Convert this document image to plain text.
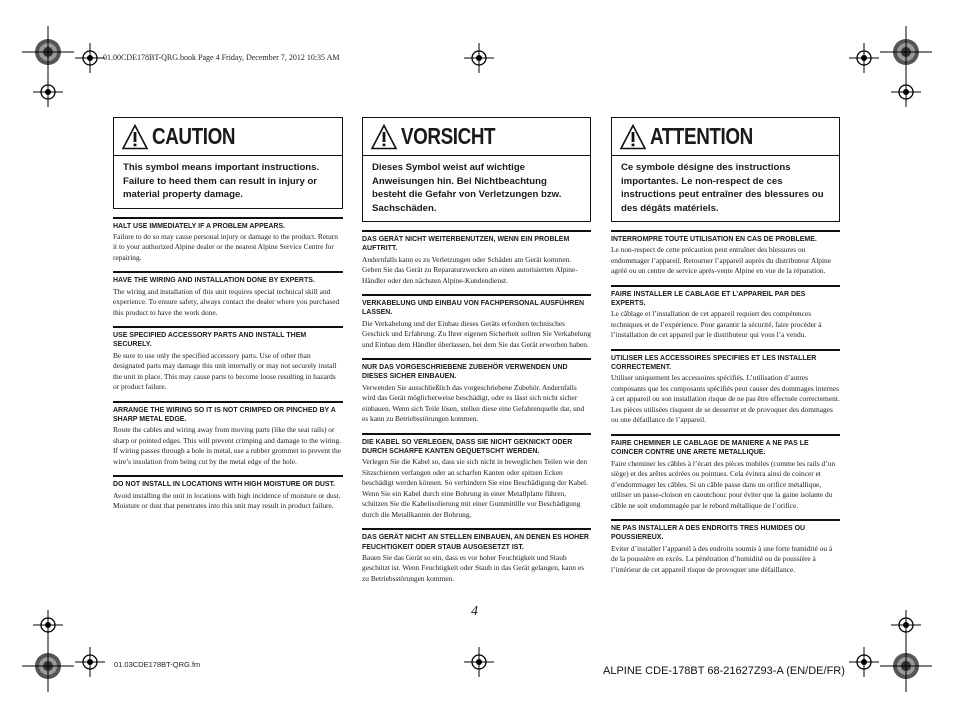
01.00CDE178BT-QRG.book Page 4 Friday, December 7, 2012 10:35 AM
CAUTION
This symbol means important instructions. Failure to heed them can result in injury or material property damage.
HALT USE IMMEDIATELY IF A PROBLEM APPEARS.

Failure to do so may cause personal injury or damage to the product. Return it to your authorized Alpine dealer or the nearest Alpine Service Centre for repairing.

HAVE THE WIRING AND INSTALLATION DONE BY EXPERTS.

The wiring and installation of this unit requires special technical skill and experience. To ensure safety, always contact the dealer where you purchased this product to have the work done.

USE SPECIFIED ACCESSORY PARTS AND INSTALL THEM SECURELY.

Be sure to use only the specified accessory parts. Use of other than designated parts may damage this unit internally or may not securely install the unit in place. This may cause parts to become loose resulting in hazards or product failure.

ARRANGE THE WIRING SO IT IS NOT CRIMPED OR PINCHED BY A SHARP METAL EDGE.

Route the cables and wiring away from moving parts (like the seat rails) or sharp or pointed edges. This will prevent crimping and damage to the wiring. If wiring passes through a hole in metal, use a rubber grommet to prevent the wire’s insulation from being cut by the metal edge of the hole.

DO NOT INSTALL IN LOCATIONS WITH HIGH MOISTURE OR DUST.

Avoid installing the unit in locations with high incidence of moisture or dust. Moisture or dust that penetrates into this unit may result in product failure.

VORSICHT
Dieses Symbol weist auf wichtige Anweisungen hin. Bei Nichtbeachtung besteht die Gefahr von Verletzungen bzw. Sachschäden.
DAS GERÄT NICHT WEITERBENUTZEN, WENN EIN PROBLEM AUFTRITT.

Andernfalls kann es zu Verletzungen oder Schäden am Gerät kommen. Geben Sie das Gerät zu Reparaturzwecken an einen autorisierten Alpine-Händler oder den nächsten Alpine-Kundendienst.

VERKABELUNG UND EINBAU VON FACHPERSONAL AUSFÜHREN LASSEN.

Die Verkabelung und der Einbau dieses Geräts erfordern technisches Geschick und Erfahrung. Zu Ihrer eigenen Sicherheit sollten Sie Verkabelung und Einbau dem Händler überlassen, bei dem Sie das Gerät erworben haben.

NUR DAS VORGESCHRIEBENE ZUBEHÖR VERWENDEN UND DIESES SICHER EINBAUEN.

Verwenden Sie ausschließlich das vorgeschriebene Zubehör. Andernfalls wird das Gerät möglicherweise beschädigt, oder es lässt sich nicht sicher einbauen. Wenn sich Teile lösen, stellen diese eine Gefahrenquelle dar, und es kann zu Betriebsstörungen kommen.

DIE KABEL SO VERLEGEN, DASS SIE NICHT GEKNICKT ODER DURCH SCHARFE KANTEN GEQUETSCHT WERDEN.

Verlegen Sie die Kabel so, dass sie sich nicht in beweglichen Teilen wie den Sitzschienen verfangen oder an scharfen Kanten oder spitzen Ecken beschädigt werden können. So verhindern Sie eine Beschädigung der Kabel. Wenn Sie ein Kabel durch eine Bohrung in einer Metallplatte führen, schützen Sie die Kabelisolierung mit einer Gummitülle vor Beschädigung durch die Metallkanten der Bohrung.

DAS GERÄT NICHT AN STELLEN EINBAUEN, AN DENEN ES HOHER FEUCHTIGKEIT ODER STAUB AUSGESETZT IST.

Bauen Sie das Gerät so ein, dass es vor hoher Feuchtigkeit und Staub geschützt ist. Wenn Feuchtigkeit oder Staub in das Gerät gelangen, kann es zu Betriebsstörungen kommen.

ATTENTION
Ce symbole désigne des instructions importantes. Le non-respect de ces instructions peut entraîner des blessures ou des dégâts matériels.
INTERROMPRE TOUTE UTILISATION EN CAS DE PROBLEME.

Le non-respect de cette précaution peut entraîner des blessures ou endommager l’appareil. Retourner l’appareil auprès du distributeur Alpine agréé ou un centre de service après-vente Alpine en vue de la réparation.

FAIRE INSTALLER LE CABLAGE ET L’APPAREIL PAR DES EXPERTS.

Le câblage et l’installation de cet appareil requiert des compétences techniques et de l’expérience. Pour garantir la sécurité, faire procéder à l’installation de cet appareil par le distributeur qui vous l’a vendu.

UTILISER LES ACCESSOIRES SPECIFIES ET LES INSTALLER CORRECTEMENT.

Utiliser uniquement les accessoires spécifiés. L’utilisation d’autres composants que les composants spécifiés peut causer des dommages internes à cet appareil ou son installation risque de ne pas être effectuée correctement. Les pièces utilisées risquent de se desserrer et de provoquer des dommages ou une défaillance de l’appareil.

FAIRE CHEMINER LE CABLAGE DE MANIERE A NE PAS LE COINCER CONTRE UNE ARETE METALLIQUE.

Faire cheminer les câbles à l’écart des pièces mobiles (comme les rails d’un siège) et des arêtes acérées ou pointues. Cela évitera ainsi de coincer et d’endommager les câbles. Si un câble passe dans un orifice métallique, utiliser un passe-cloison en caoutchouc pour éviter que la gaine isolante du câble ne soit endommagée par le rebord métallique de l’orifice.

NE PAS INSTALLER A DES ENDROITS TRES HUMIDES OU POUSSIEREUX.

Eviter d’installer l’appareil à des endroits soumis à une forte humidité ou à de la poussière en excès. La pénétration d’humidité ou de poussière à l’intérieur de cet appareil risque de provoquer une défaillance.

4
01.03CDE178BT-QRG.fm
ALPINE CDE-178BT 68-21627Z93-A (EN/DE/FR)
